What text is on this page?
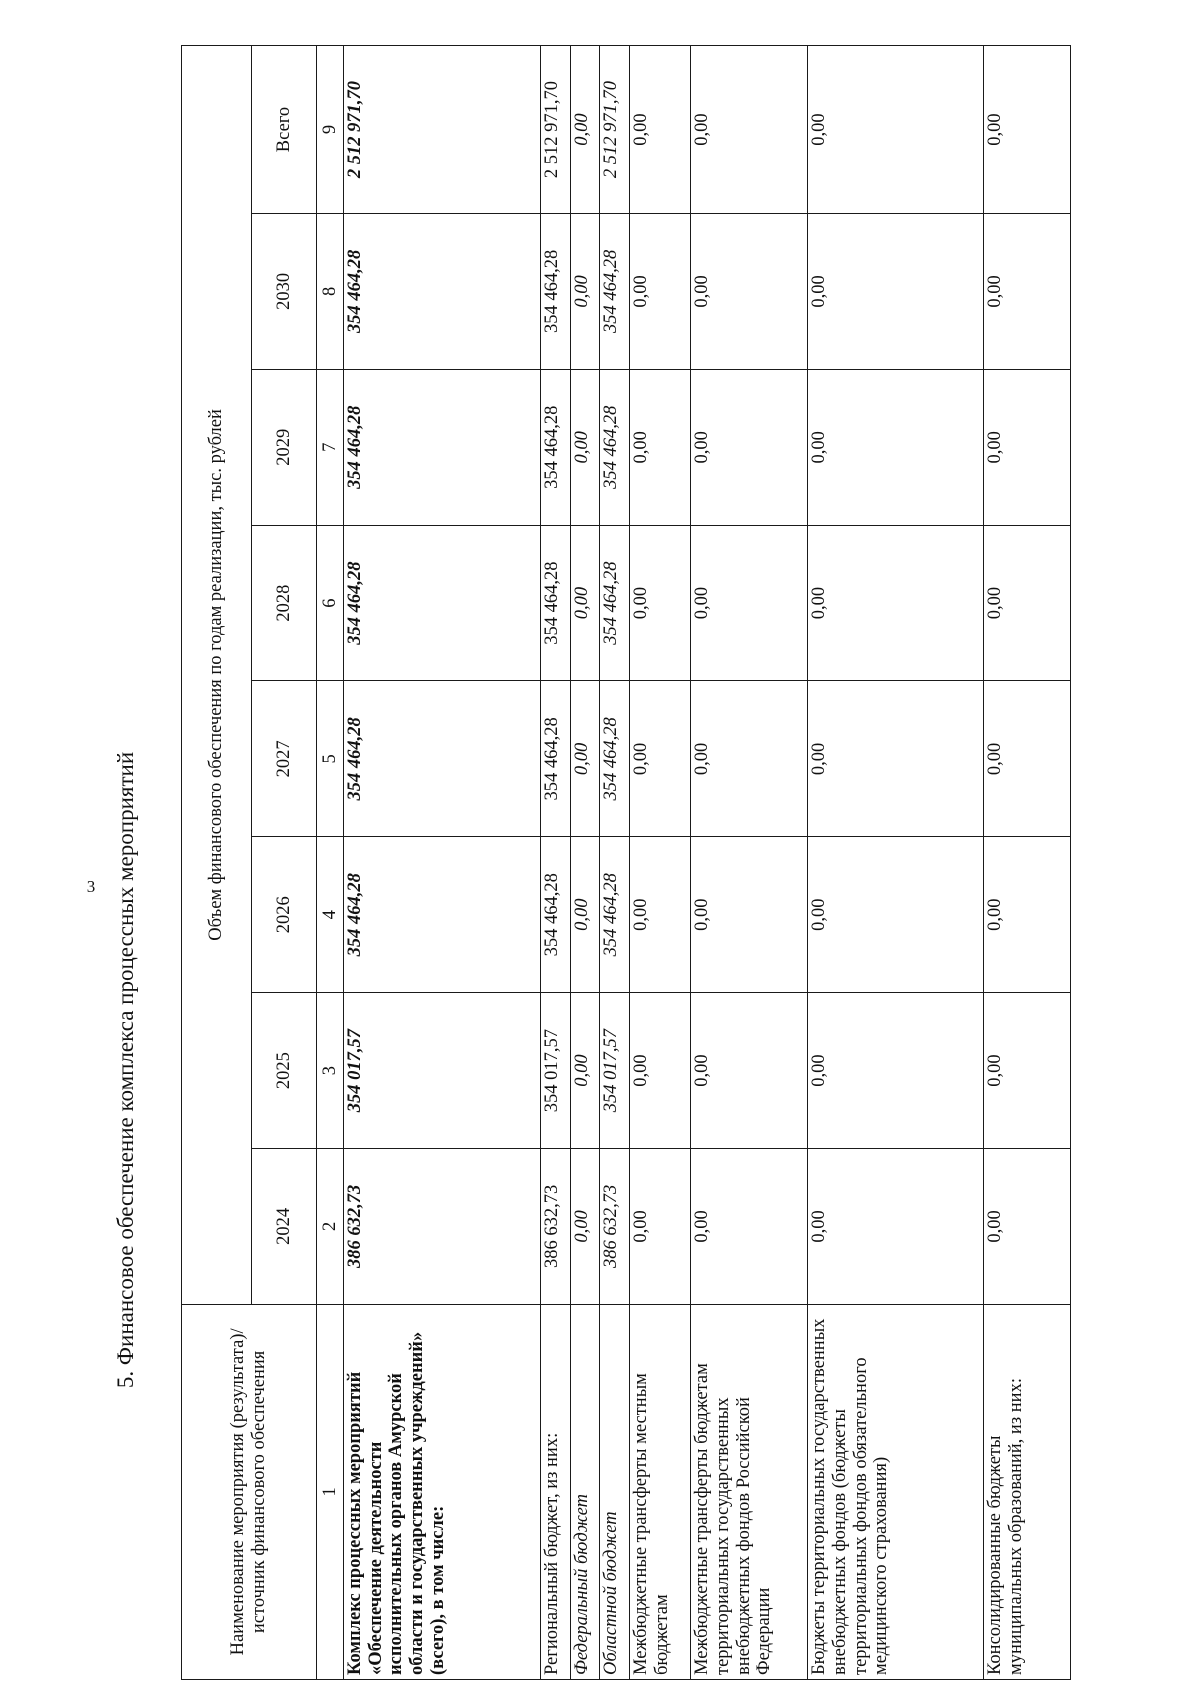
3 5. Финансовое обеспечение комплекса процессных мероприятий
Наименование мероприятия (результата)/ источник финансового обеспечения	Объем финансового обеспечения по годам реализации, тыс. рублей							
	2024	2025	2026	2027	2028	2029	2030	Всего
1	2	3	4	5	6	7	8	9
Комплекс процессных мероприятий «Обеспечение деятельности исполнительных органов Амурской области и государственных учреждений» (всего), в том числе:	386 632,73	354 017,57	354 464,28	354 464,28	354 464,28	354 464,28	354 464,28	2 512 971,70
Региональный бюджет, из них:	386 632,73	354 017,57	354 464,28	354 464,28	354 464,28	354 464,28	354 464,28	2 512 971,70
Федеральный бюджет	0,00	0,00	0,00	0,00	0,00	0,00	0,00	0,00
Областной бюджет	386 632,73	354 017,57	354 464,28	354 464,28	354 464,28	354 464,28	354 464,28	2 512 971,70
Межбюджетные трансферты местным бюджетам	0,00	0,00	0,00	0,00	0,00	0,00	0,00	0,00
Межбюджетные трансферты бюджетам территориальных государственных внебюджетных фондов Российской Федерации	0,00	0,00	0,00	0,00	0,00	0,00	0,00	0,00
Бюджеты территориальных государственных внебюджетных фондов (бюджеты территориальных фондов обязательного медицинского страхования)	0,00	0,00	0,00	0,00	0,00	0,00	0,00	0,00
Консолидированные бюджеты муниципальных образований, из них:	0,00	0,00	0,00	0,00	0,00	0,00	0,00	0,00
